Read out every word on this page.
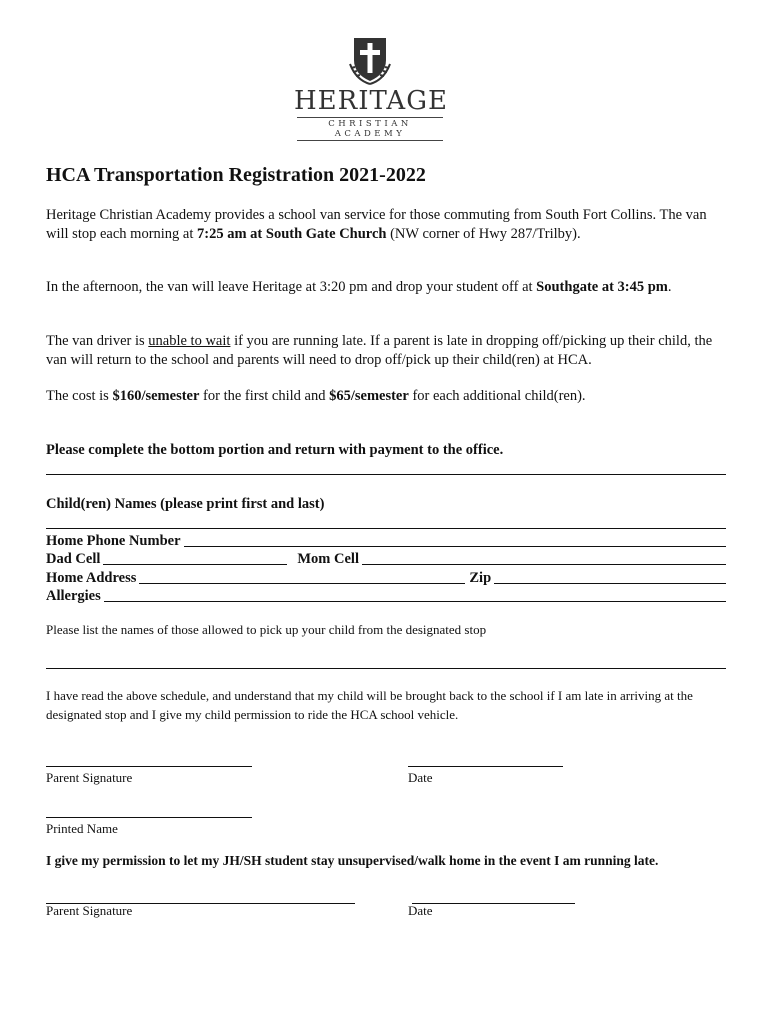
HERITAGE
CHRISTIAN ACADEMY
HCA Transportation Registration 2021-2022
Heritage Christian Academy provides a school van service for those commuting from South Fort Collins. The van will stop each morning at 7:25 am at South Gate Church (NW corner of Hwy 287/Trilby).
In the afternoon, the van will leave Heritage at 3:20 pm and drop your student off at Southgate at 3:45 pm.
The van driver is unable to wait if you are running late. If a parent is late in dropping off/picking up their child, the van will return to the school and parents will need to drop off/pick up their child(ren) at HCA.
The cost is $160/semester for the first child and $65/semester for each additional child(ren).
Please complete the bottom portion and return with payment to the office.
Child(ren) Names (please print first and last)
Home Phone Number
Dad Cell	Mom Cell
Home Address	Zip
Allergies
Please list the names of those allowed to pick up your child from the designated stop
I have read the above schedule, and understand that my child will be brought back to the school if I am late in arriving at the designated stop and I give my child permission to ride the HCA school vehicle.
Parent Signature	Date
Printed Name
I give my permission to let my JH/SH student stay unsupervised/walk home in the event I am running late.
Parent Signature	Date
